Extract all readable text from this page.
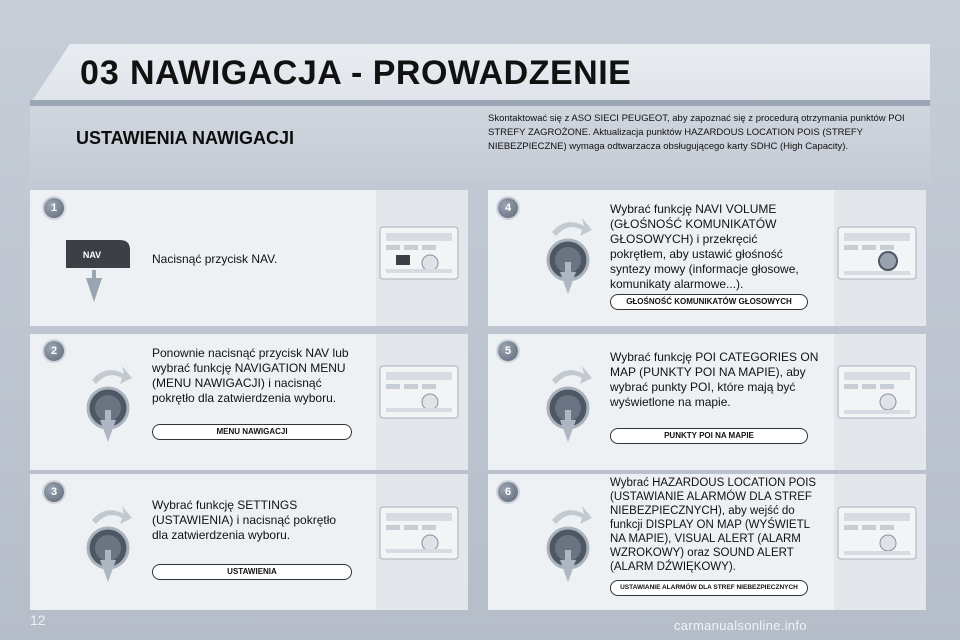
03 NAWIGACJA - PROWADZENIE
USTAWIENIA NAWIGACJI
Skontaktować się z ASO SIECI PEUGEOT, aby zapoznać się z procedurą otrzymania punktów POI STREFY ZAGROŻONE. Aktualizacja punktów HAZARDOUS LOCATION POIS (STREFY NIEBEZPIECZNE) wymaga odtwarzacza obsługującego karty SDHC (High Capacity).
1
NAV	Nacisnąć przycisk NAV.
2	Ponownie nacisnąć przycisk NAV lub wybrać funkcję NAVIGATION MENU (MENU NAWIGACJI) i nacisnąć pokrętło dla zatwierdzenia wyboru.
MENU NAWIGACJI
3
Wybrać funkcję SETTINGS (USTAWIENIA) i nacisnąć pokrętło dla zatwierdzenia wyboru.
USTAWIENIA
4	Wybrać funkcję NAVI VOLUME (GŁOŚNOŚĆ KOMUNIKATÓW GŁOSOWYCH) i przekręcić pokrętłem, aby ustawić głośność syntezy mowy (informacje głosowe, komunikaty alarmowe...).
GŁOŚNOŚĆ KOMUNIKATÓW GŁOSOWYCH
5	Wybrać funkcję POI CATEGORIES ON MAP (PUNKTY POI NA MAPIE), aby wybrać punkty POI, które mają być wyświetlone na mapie.
PUNKTY POI NA MAPIE
6
Wybrać HAZARDOUS LOCATION POIS (USTAWIANIE ALARMÓW DLA STREF NIEBEZPIECZNYCH), aby wejść do funkcji DISPLAY ON MAP (WYŚWIETL NA MAPIE), VISUAL ALERT (ALARM WZROKOWY) oraz SOUND ALERT (ALARM DŹWIĘKOWY).
USTAWIANIE ALARMÓW DLA STREF NIEBEZPIECZNYCH
12	carmanualsonline.info
